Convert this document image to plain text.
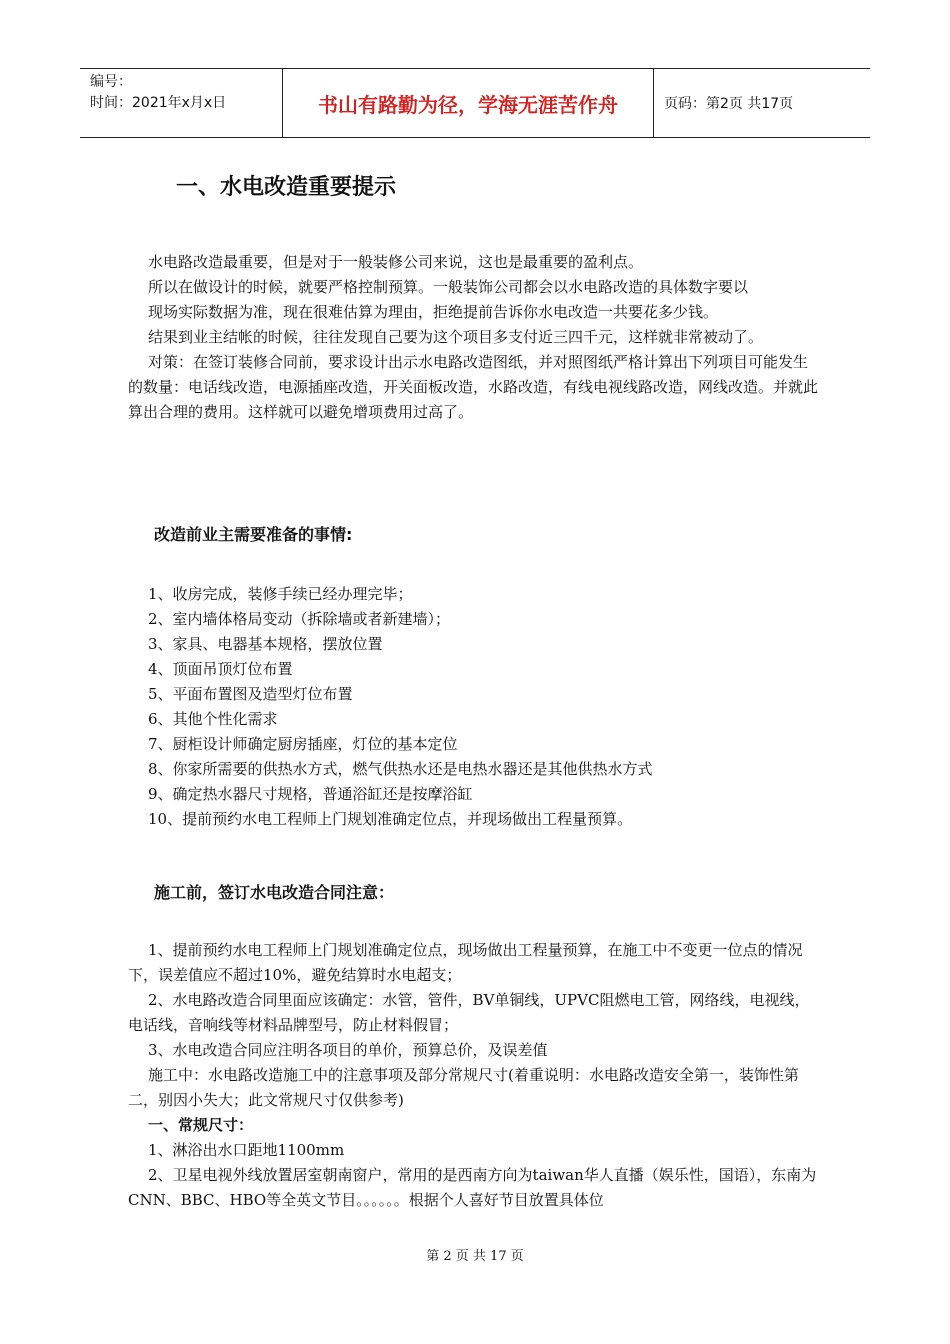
编号：
时间：2021年x月x日	书山有路勤为径，学海无涯苦作舟	页码：第2页 共17页
一、水电改造重要提示

水电路改造最重要，但是对于一般装修公司来说，这也是最重要的盈利点。

所以在做设计的时候，就要严格控制预算。一般装饰公司都会以水电路改造的具体数字要以

现场实际数据为准，现在很难估算为理由，拒绝提前告诉你水电改造一共要花多少钱。

结果到业主结帐的时候，往往发现自己要为这个项目多支付近三四千元，这样就非常被动了。

对策：在签订装修合同前，要求设计出示水电路改造图纸，并对照图纸严格计算出下列项目可能发生的数量：电话线改造，电源插座改造，开关面板改造，水路改造，有线电视线路改造，网线改造。并就此算出合理的费用。这样就可以避免增项费用过高了。

改造前业主需要准备的事情:

1、收房完成，装修手续已经办理完毕；

2、室内墙体格局变动（拆除墙或者新建墙）；

3、家具、电器基本规格，摆放位置

4、顶面吊顶灯位布置

5、平面布置图及造型灯位布置

6、其他个性化需求

7、厨柜设计师确定厨房插座，灯位的基本定位

8、你家所需要的供热水方式，燃气供热水还是电热水器还是其他供热水方式

9、确定热水器尺寸规格，普通浴缸还是按摩浴缸

10、提前预约水电工程师上门规划准确定位点，并现场做出工程量预算。

施工前，签订水电改造合同注意：

1、提前预约水电工程师上门规划准确定位点，现场做出工程量预算，在施工中不变更一位点的情况下，误差值应不超过10%，避免结算时水电超支；

2、水电路改造合同里面应该确定：水管，管件，BV单铜线，UPVC阻燃电工管，网络线，电视线，电话线，音响线等材料品牌型号，防止材料假冒；

3、水电改造合同应注明各项目的单价，预算总价，及误差值

施工中：水电路改造施工中的注意事项及部分常规尺寸(着重说明：水电路改造安全第一，装饰性第二，别因小失大；此文常规尺寸仅供参考)

一、常规尺寸：

1、淋浴出水口距地1100mm

2、卫星电视外线放置居室朝南窗户，常用的是西南方向为taiwan华人直播（娱乐性，国语），东南为CNN、BBC、HBO等全英文节目。。。。。。根据个人喜好节目放置具体位

第 2 页 共 17 页
